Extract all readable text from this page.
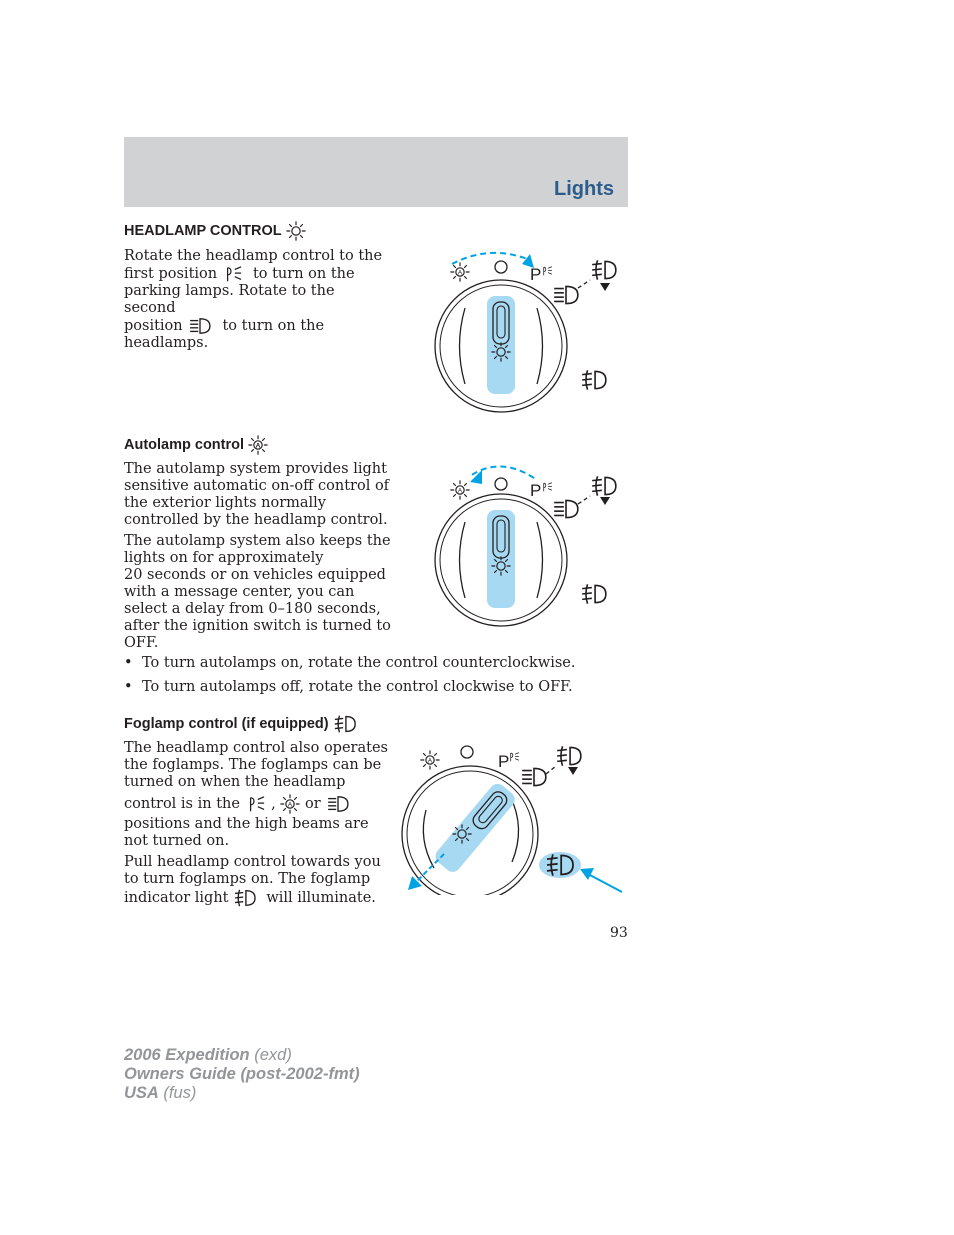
Lights
HEADLAMP CONTROL
Rotate the headlamp control to the
first position to turn on the
parking lamps. Rotate to the second
position	to turn on the
headlamps.
P
Autolamp control
The autolamp system provides light
sensitive automatic on-off control of
the exterior lights normally
controlled by the headlamp control.
The autolamp system also keeps the
lights on for approximately
20 seconds or on vehicles equipped
with a message center, you can
select a delay from 0–180 seconds,
after the ignition switch is turned to
OFF.
P
• To turn autolamps on, rotate the control counterclockwise.
• To turn autolamps off, rotate the control clockwise to OFF.
Foglamp control (if equipped)
The headlamp control also operates
the foglamps. The foglamps can be
turned on when the headlamp
control is in the , or
positions and the high beams are
not turned on.
Pull headlamp control towards you
to turn foglamps on. The foglamp
indicator light	will illuminate.
P
93
2006 Expedition (exd)
Owners Guide (post-2002-fmt)
USA (fus)
